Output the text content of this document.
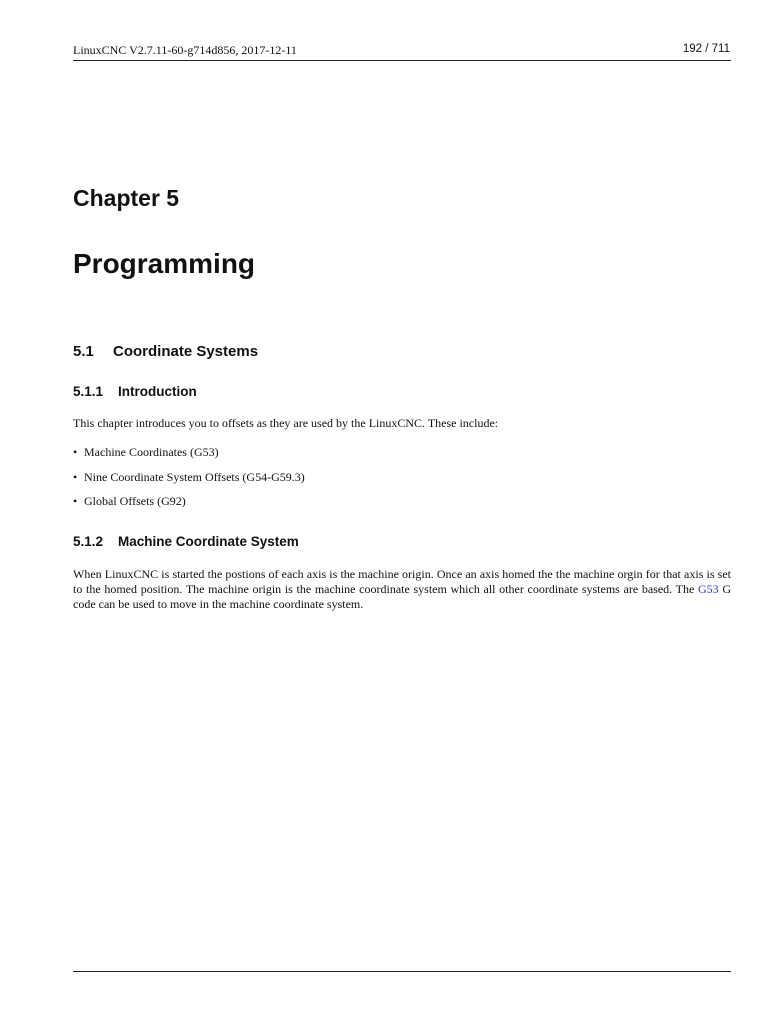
LinuxCNC V2.7.11-60-g714d856, 2017-12-11	192 / 711
Chapter 5
Programming
5.1 Coordinate Systems
5.1.1 Introduction

This chapter introduces you to offsets as they are used by the LinuxCNC. These include:

• Machine Coordinates (G53)
• Nine Coordinate System Offsets (G54-G59.3)
• Global Offsets (G92)
5.1.2 Machine Coordinate System

When LinuxCNC is started the postions of each axis is the machine origin. Once an axis homed the the machine orgin for that axis is set to the homed position. The machine origin is the machine coordinate system which all other coordinate systems are based. The G53 G code can be used to move in the machine coordinate system.
